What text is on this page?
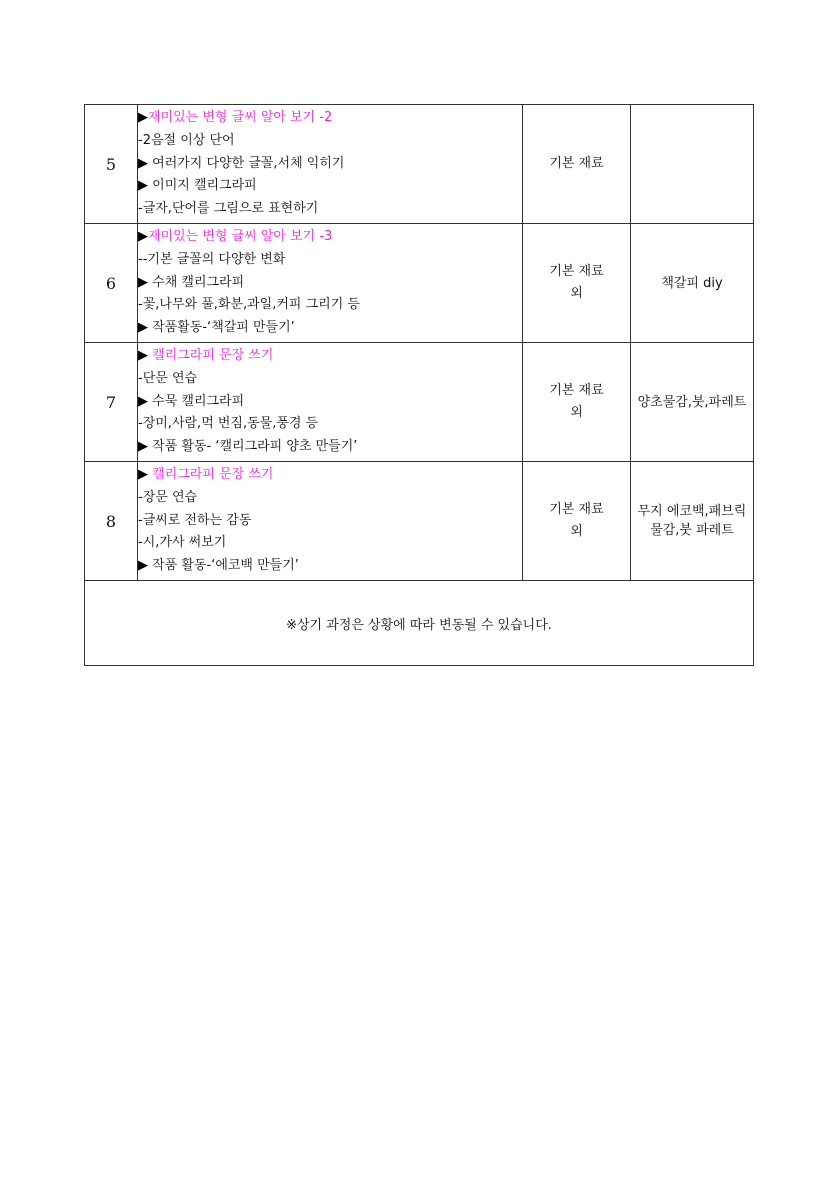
5	▶재미있는 변형 글씨 알아 보기 -2
-2음절 이상 단어
▶ 여러가지 다양한 글꼴,서체 익히기
▶ 이미지 캘리그라피
-글자,단어를 그림으로 표현하기	기본 재료	

6	▶재미있는 변형 글씨 알아 보기 -3
--기본 글꼴의 다양한 변화
▶ 수채 캘리그라피
-꽃,나무와 풀,화분,과일,커피 그리기 등
▶ 작품활동-‘책갈피 만들기’	기본 재료
외	책갈피 diy

7	▶ 캘리그라피 문장 쓰기
-단문 연습
▶ 수묵 캘리그라피
-장미,사람,먹 번짐,동물,풍경 등
▶ 작품 활동- ‘캘리그라피 양초 만들기’	기본 재료
외	양초물감,붓,파레트

8	▶ 캘리그라피 문장 쓰기
-장문 연습
-글씨로 전하는 감동
-시,가사 써보기
▶ 작품 활동-‘에코백 만들기’	기본 재료
외	무지 에코백,패브릭
물감,붓 파레트

※상기 과정은 상황에 따라 변동될 수 있습니다.			
